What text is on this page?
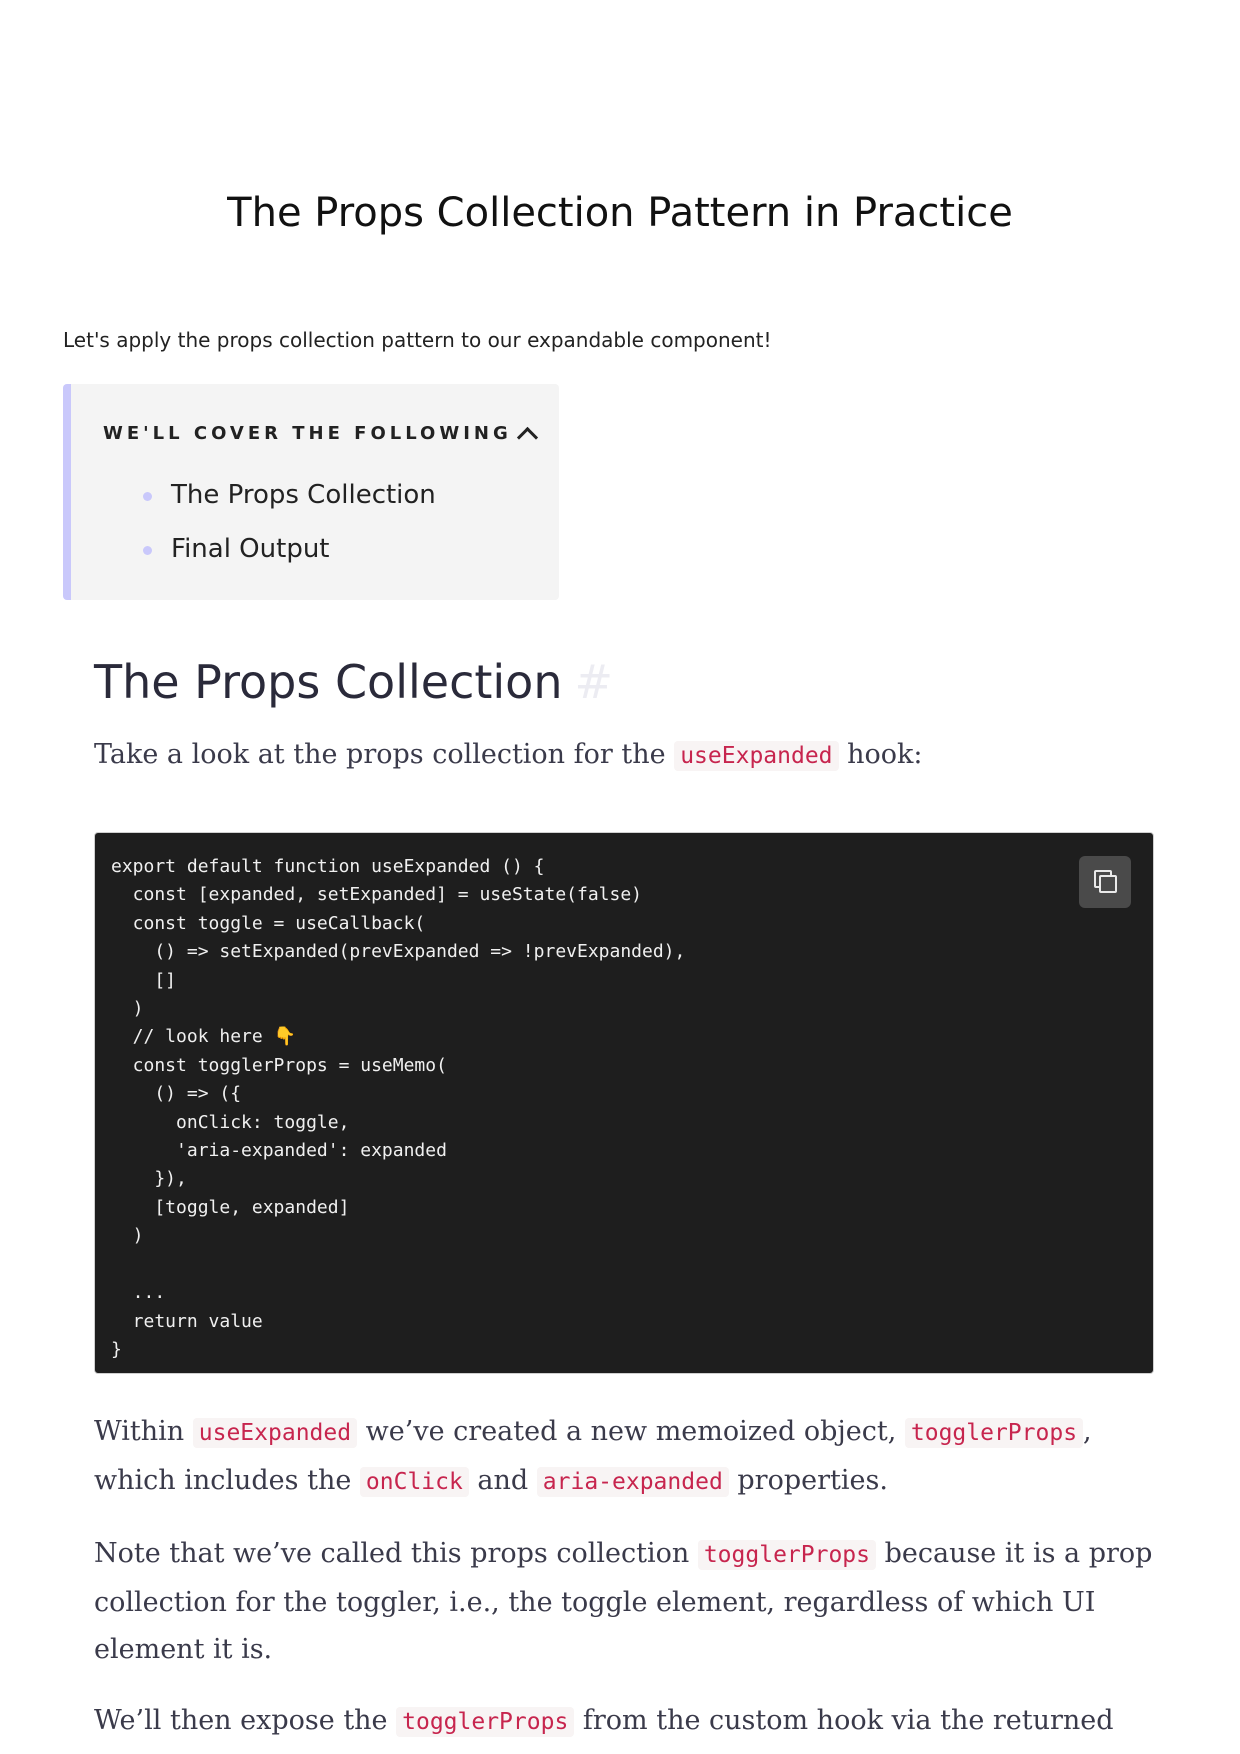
The Props Collection Pattern in Practice

Let's apply the props collection pattern to our expandable component!

WE'LL COVER THE FOLLOWING
The Props Collection
Final Output
The Props Collection #

Take a look at the props collection for the useExpanded hook:

export default function useExpanded () {
const [expanded, setExpanded] = useState(false)
const toggle = useCallback(
() => setExpanded(prevExpanded => !prevExpanded),
[]
)
// look here 👇
const togglerProps = useMemo(
() => ({
onClick: toggle,
'aria-expanded': expanded
}),
[toggle, expanded]
)

...
return value
}

Within useExpanded we’ve created a new memoized object, togglerProps , which includes the onClick and aria-expanded properties.

Note that we’ve called this props collection togglerProps because it is a prop collection for the toggler, i.e., the toggle element, regardless of which UI element it is.

We’ll then expose the togglerProps from the custom hook via the returned
